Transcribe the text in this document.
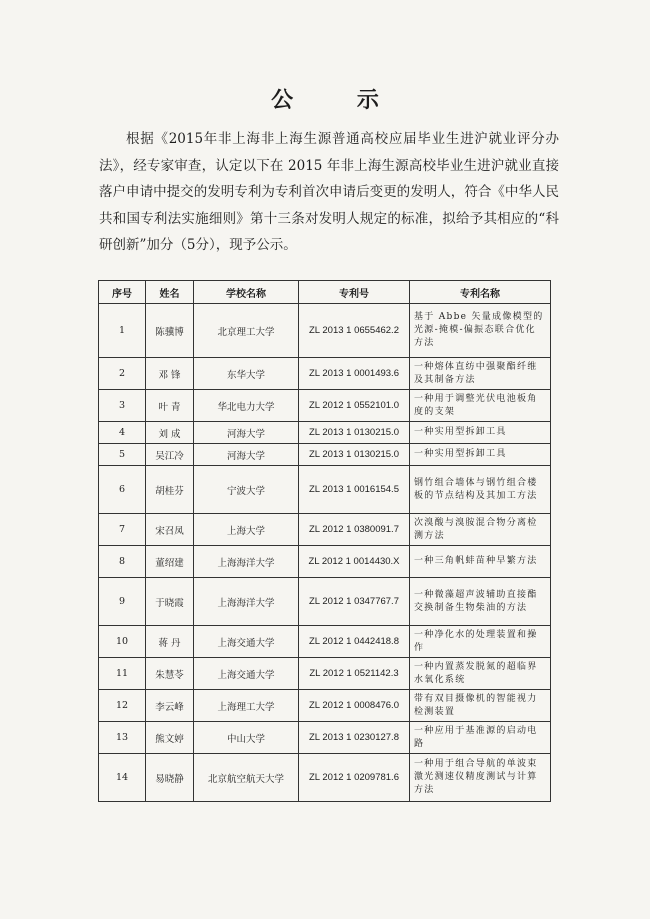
公 示

根据《2015年非上海非上海生源普通高校应届毕业生进沪就业评分办法》，经专家审查，认定以下在 2015 年非上海生源高校毕业生进沪就业直接落户申请中提交的发明专利为专利首次申请后变更的发明人，符合《中华人民共和国专利法实施细则》第十三条对发明人规定的标准，拟给予其相应的“科研创新”加分（5分），现予公示。

序号	姓名	学校名称	专利号	专利名称
1	陈骥博	北京理工大学	ZL 2013 1 0655462.2	基于 Abbe 矢量成像模型的光源-掩模-偏振态联合优化方法
2	邓 锋	东华大学	ZL 2013 1 0001493.6	一种熔体直纺中强聚酯纤维及其制备方法
3	叶 青	华北电力大学	ZL 2012 1 0552101.0	一种用于调整光伏电池板角度的支架
4	刘 成	河海大学	ZL 2013 1 0130215.0	一种实用型拆卸工具
5	吴江冷	河海大学	ZL 2013 1 0130215.0	一种实用型拆卸工具
6	胡桂芬	宁波大学	ZL 2013 1 0016154.5	钢竹组合墙体与钢竹组合楼板的节点结构及其加工方法
7	宋召凤	上海大学	ZL 2012 1 0380091.7	次溴酸与溴胺混合物分离检测方法
8	董绍建	上海海洋大学	ZL 2012 1 0014430.X	一种三角帆蚌苗种早繁方法
9	于晓霞	上海海洋大学	ZL 2012 1 0347767.7	一种微藻超声波辅助直接酯交换制备生物柴油的方法
10	蒋 丹	上海交通大学	ZL 2012 1 0442418.8	一种净化水的处理装置和操作
11	朱慧苓	上海交通大学	ZL 2012 1 0521142.3	一种内置蒸发脱氮的超临界水氧化系统
12	李云峰	上海理工大学	ZL 2012 1 0008476.0	带有双目摄像机的智能视力检测装置
13	熊文婷	中山大学	ZL 2013 1 0230127.8	一种应用于基准源的启动电路
14	易晓静	北京航空航天大学	ZL 2012 1 0209781.6	一种用于组合导航的单波束激光测速仪精度测试与计算方法
